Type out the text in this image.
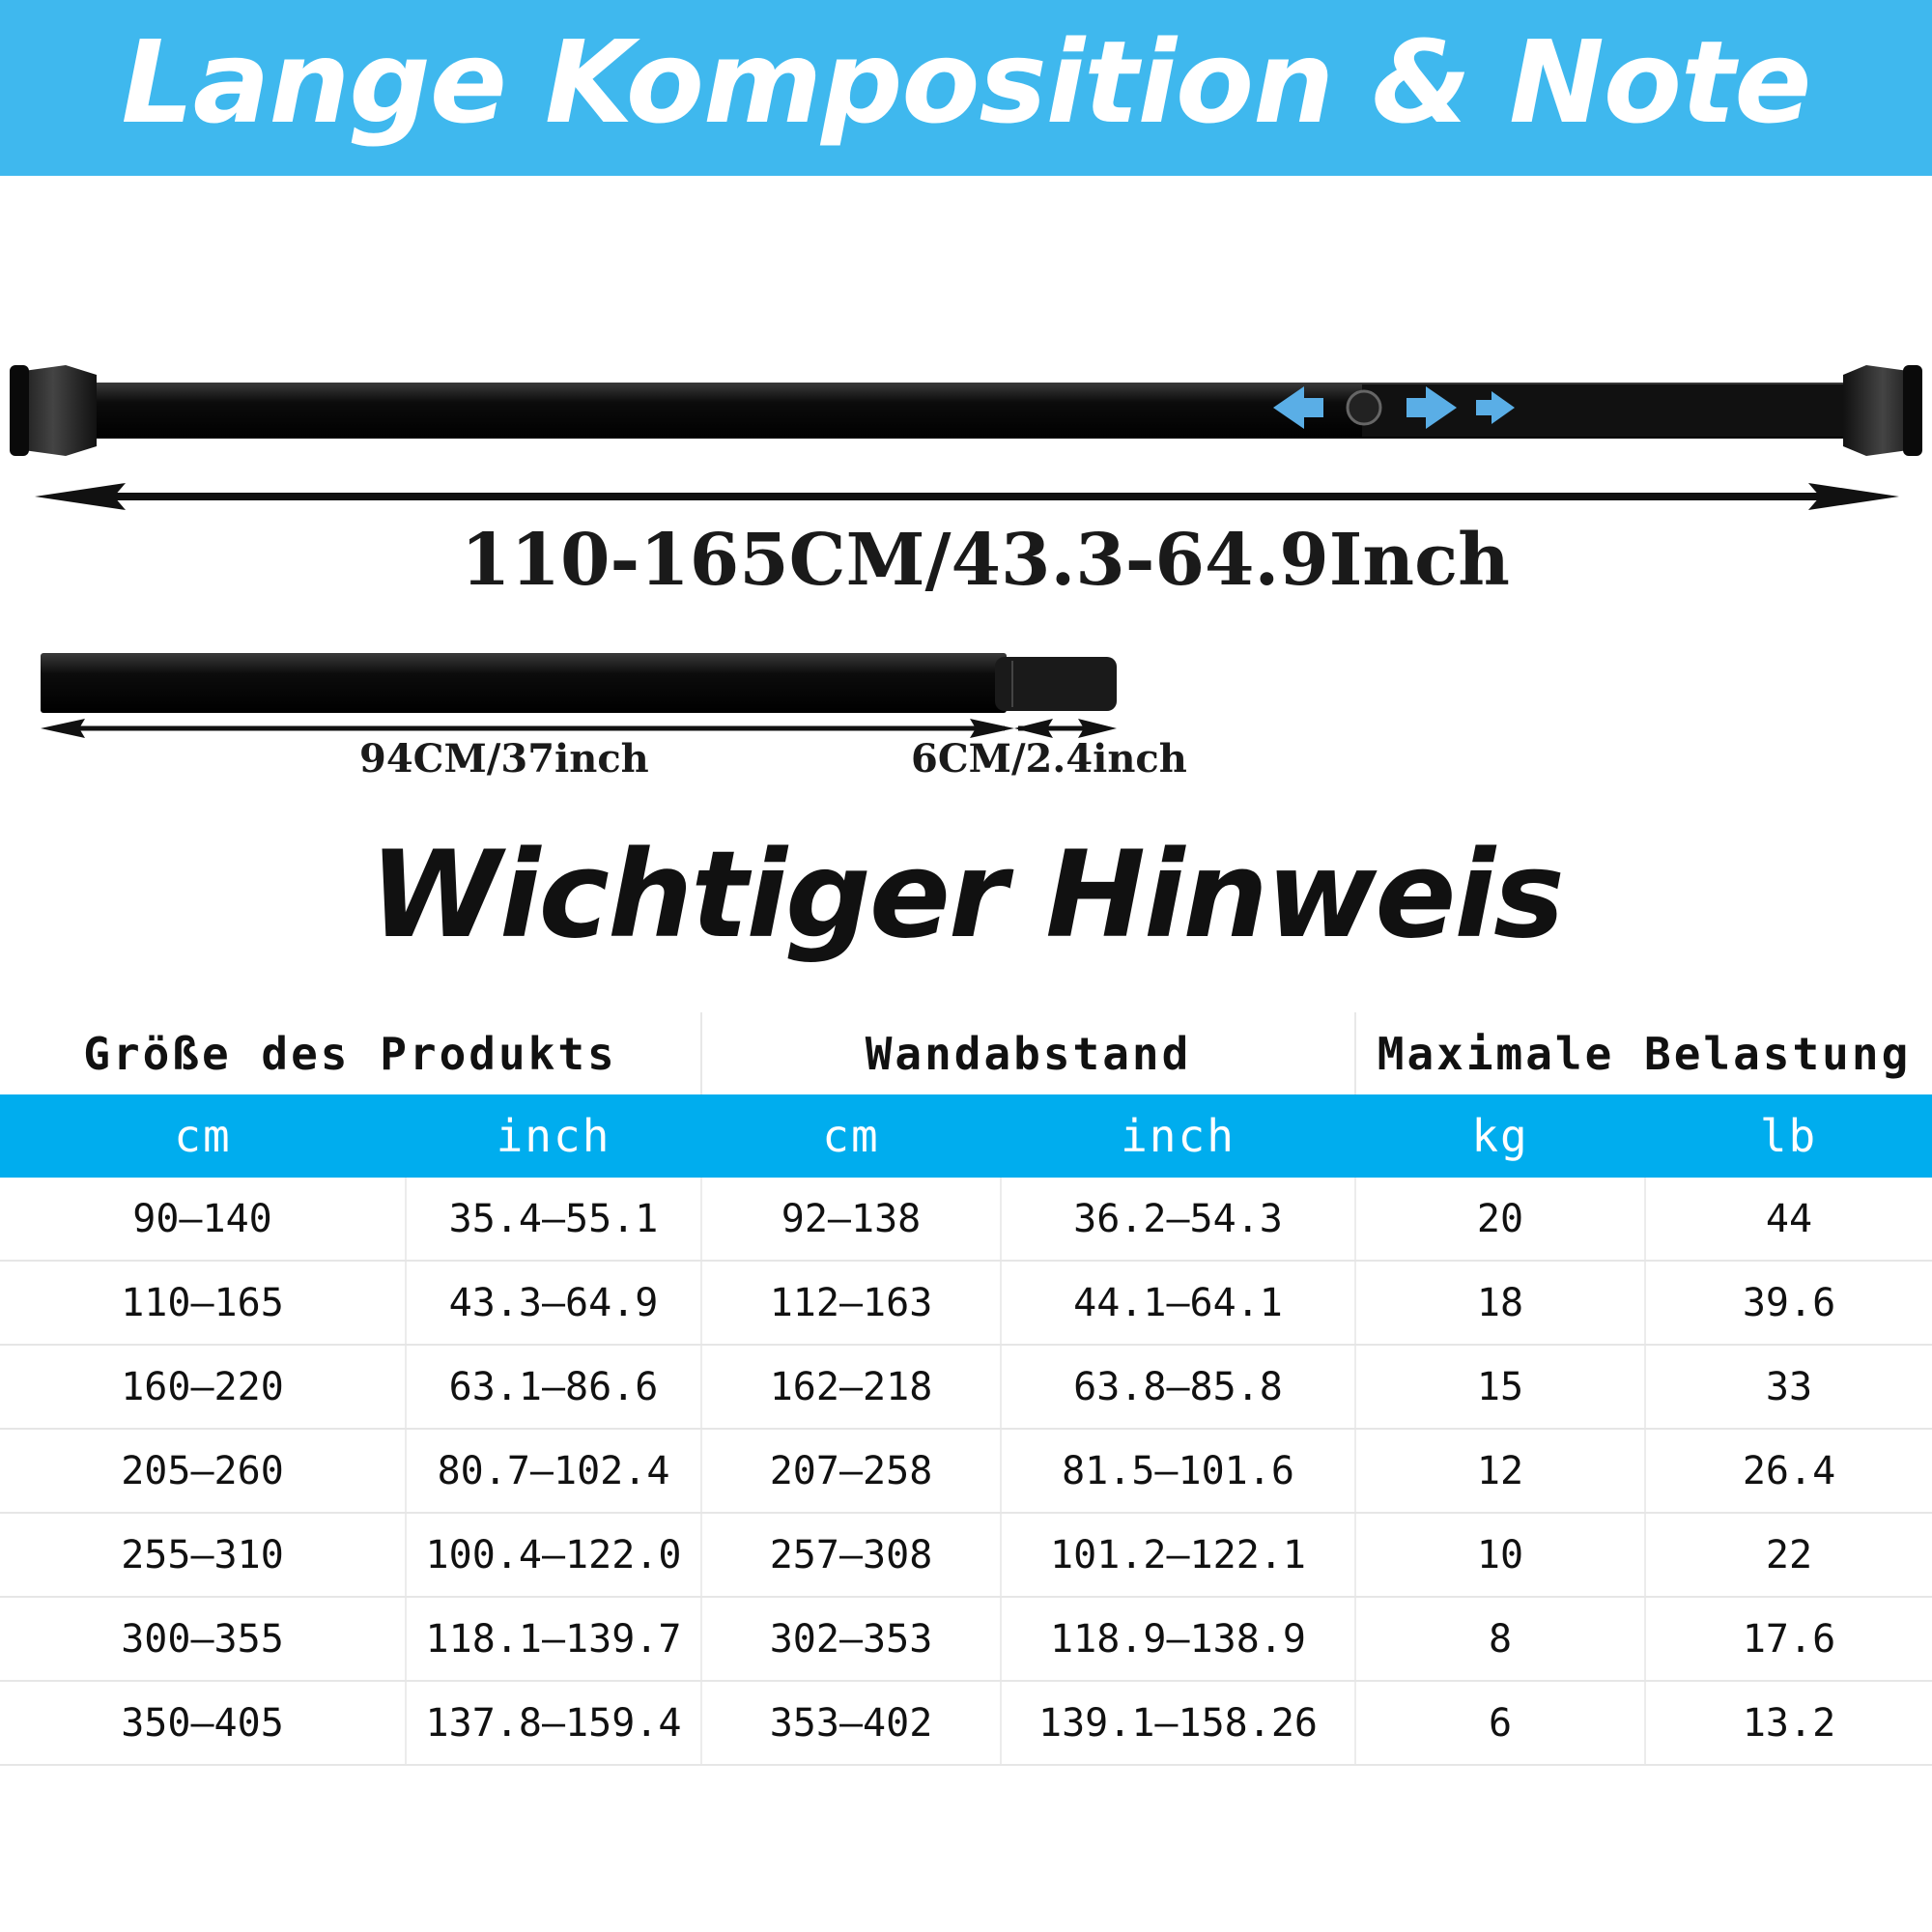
Lange Komposition & Note
110-165CM/43.3-64.9Inch
94CM/37inch	6CM/2.4inch
Wichtiger Hinweis
Größe des Produkts		Wandabstand		Maximale Belastung	
cm	inch	cm	inch	kg	lb
90–140	35.4–55.1	92–138	36.2–54.3	20	44
110–165	43.3–64.9	112–163	44.1–64.1	18	39.6
160–220	63.1–86.6	162–218	63.8–85.8	15	33
205–260	80.7–102.4	207–258	81.5–101.6	12	26.4
255–310	100.4–122.0	257–308	101.2–122.1	10	22
300–355	118.1–139.7	302–353	118.9–138.9	8	17.6
350–405	137.8–159.4	353–402	139.1–158.26	6	13.2
